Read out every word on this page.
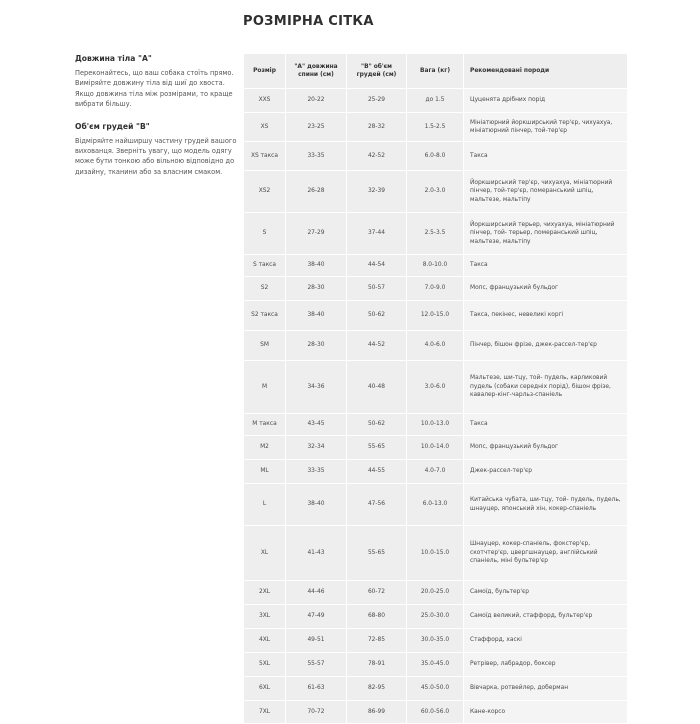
РОЗМІРНА СІТКА
Довжина тіла "А"

Переконайтесь, що ваш собака стоїть прямо. Виміряйте довжину тіла від шиї до хвоста. Якщо довжина тіла між розмірами, то краще вибрати більшу.

Об'єм грудей "В"

Відміряйте найширшу частину грудей вашого вихованця. Зверніть увагу, що модель одягу може бути тонкою або вільною відповідно до дизайну, тканини або за власним смаком.

Розмір	"А" довжина спини (см)	"В" об'єм грудей (см)	Вага (кг)	Рекомендовані породи
XXS	20-22	25-29	до 1.5	Цуценята дрібних порід
XS	23-25	28-32	1.5-2.5	Мініатюрний йоркширський тер'єр, чихуахуа, мініатюрний пінчер, той-тер'єр
XS такса	33-35	42-52	6.0-8.0	Такса
XS2	26-28	32-39	2.0-3.0	Йоркширський тер'єр, чихуахуа, мініатюрний пінчер, той-тер'єр, померанський шпіц, мальтезе, мальтіпу
S	27-29	37-44	2.5-3.5	Йоркширський терьер, чихуахуа, мініатюрний пінчер, той- терьер, померанський шпіц, мальтезе, мальтіпу
S такса	38-40	44-54	8.0-10.0	Такса
S2	28-30	50-57	7.0-9.0	Мопс, французький бульдог
S2 такса	38-40	50-62	12.0-15.0	Такса, пекінес, невеликі коргі
SM	28-30	44-52	4.0-6.0	Пінчер, бішон фрізе, джек-рассел-тер'єр
M	34-36	40-48	3.0-6.0	Мальтезе, ши-тцу, той- пудель, карликовий пудель (собаки середніх порід), бішон фрізе, кавалер-кінг-чарльз-спаніель
M такса	43-45	50-62	10.0-13.0	Такса
M2	32-34	55-65	10.0-14.0	Мопс, французький бульдог
ML	33-35	44-55	4.0-7.0	Джек-рассел-тер'єр
L	38-40	47-56	6.0-13.0	Китайська чубата, ши-тцу, той- пудель, пудель, шнауцер, японський хін, кокер-спаніель
XL	41-43	55-65	10.0-15.0	Шнауцер, кокер-спаніель, фокстер'єр, скотчтер'єр, цвергшнауцер, англійський спаніель, мінi бультер'єр
2XL	44-46	60-72	20.0-25.0	Самоїд, бультер'єр
3XL	47-49	68-80	25.0-30.0	Самоїд великий, стаффорд, бультер'єр
4XL	49-51	72-85	30.0-35.0	Стаффорд, хаскі
5XL	55-57	78-91	35.0-45.0	Ретрівер, лабрадор, боксер
6XL	61-63	82-95	45.0-50.0	Вівчарка, ротвейлер, доберман
7XL	70-72	86-99	60.0-56.0	Кане-корсо
